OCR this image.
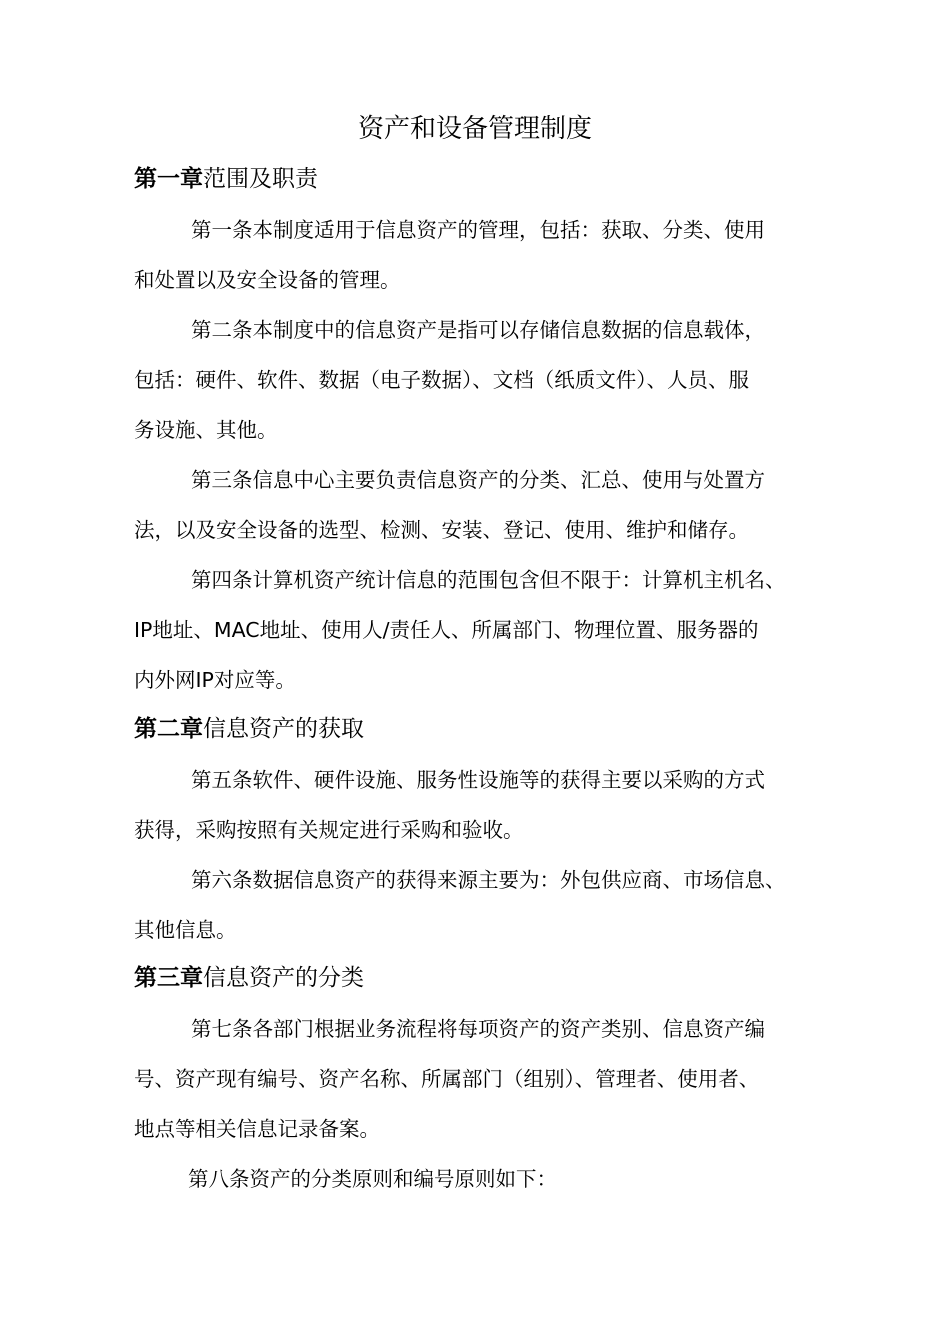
资产和设备管理制度
第一章范围及职责

第一条本制度适用于信息资产的管理，包括：获取、分类、使用

和处置以及安全设备的管理。

第二条本制度中的信息资产是指可以存储信息数据的信息载体，

包括：硬件、软件、数据（电子数据）、文档（纸质文件）、人员、服

务设施、其他。

第三条信息中心主要负责信息资产的分类、汇总、使用与处置方

法，以及安全设备的选型、检测、安装、登记、使用、维护和储存。

第四条计算机资产统计信息的范围包含但不限于：计算机主机名、

IP地址、MAC地址、使用人/责任人、所属部门、物理位置、服务器的

内外网IP对应等。

第二章信息资产的获取

第五条软件、硬件设施、服务性设施等的获得主要以采购的方式

获得，采购按照有关规定进行采购和验收。

第六条数据信息资产的获得来源主要为：外包供应商、市场信息、

其他信息。

第三章信息资产的分类

第七条各部门根据业务流程将每项资产的资产类别、信息资产编

号、资产现有编号、资产名称、所属部门（组别）、管理者、使用者、

地点等相关信息记录备案。

第八条资产的分类原则和编号原则如下：
